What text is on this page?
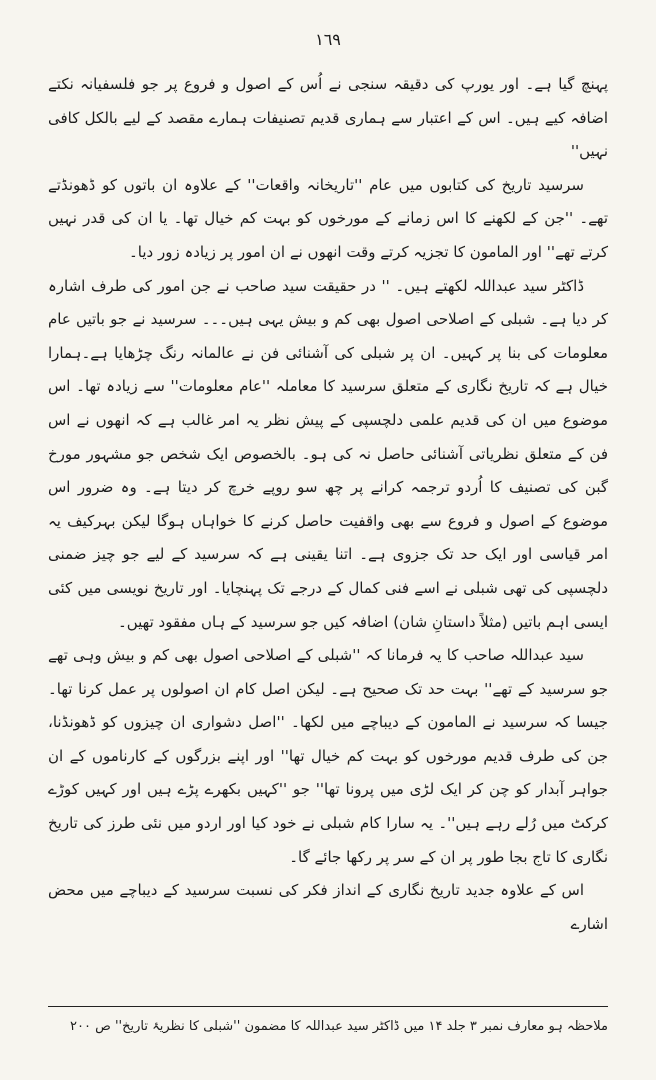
١٦٩

پہنچ گیا ہے۔ اور یورپ کی دقیقہ سنجی نے اُس کے اصول و فروع پر جو فلسفیانہ نکتے اضافہ کیے ہیں۔ اس کے اعتبار سے ہماری قدیم تصنیفات ہمارے مقصد کے لیے بالکل کافی نہیں''

سرسید تاریخ کی کتابوں میں عام ''تاریخانہ واقعات'' کے علاوہ ان باتوں کو ڈھونڈتے تھے۔ ''جن کے لکھنے کا اس زمانے کے مورخوں کو بہت کم خیال تھا۔ یا ان کی قدر نہیں کرتے تھے'' اور المامون کا تجزیہ کرتے وقت انھوں نے ان امور پر زیادہ زور دیا۔

ڈاکٹر سید عبداللہ لکھتے ہیں۔ '' در حقیقت سید صاحب نے جن امور کی طرف اشارہ کر دیا ہے۔ شبلی کے اصلاحی اصول بھی کم و بیش یہی ہیں۔۔۔ سرسید نے جو باتیں عام معلومات کی بنا پر کہیں۔ ان پر شبلی کی آشنائی فن نے عالمانہ رنگ چڑھایا ہے۔ہمارا خیال ہے کہ تاریخ نگاری کے متعلق سرسید کا معاملہ ''عام معلومات'' سے زیادہ تھا۔ اس موضوع میں ان کی قدیم علمی دلچسپی کے پیش نظر یہ امر غالب ہے کہ انھوں نے اس فن کے متعلق نظریاتی آشنائی حاصل نہ کی ہو۔ بالخصوص ایک شخص جو مشہور مورخ گبن کی تصنیف کا اُردو ترجمہ کرانے پر چھ سو روپے خرچ کر دیتا ہے۔ وہ ضرور اس موضوع کے اصول و فروع سے بھی واقفیت حاصل کرنے کا خواہاں ہوگا لیکن بہرکیف یہ امر قیاسی اور ایک حد تک جزوی ہے۔ اتنا یقینی ہے کہ سرسید کے لیے جو چیز ضمنی دلچسپی کی تھی شبلی نے اسے فنی کمال کے درجے تک پہنچایا۔ اور تاریخ نویسی میں کئی ایسی اہم باتیں (مثلاً داستانِ شان) اضافہ کیں جو سرسید کے ہاں مفقود تھیں۔

سید عبداللہ صاحب کا یہ فرمانا کہ ''شبلی کے اصلاحی اصول بھی کم و بیش وہی تھے جو سرسید کے تھے'' بہت حد تک صحیح ہے۔ لیکن اصل کام ان اصولوں پر عمل کرنا تھا۔ جیسا کہ سرسید نے المامون کے دیباچے میں لکھا۔ ''اصل دشواری ان چیزوں کو ڈھونڈنا، جن کی طرف قدیم مورخوں کو بہت کم خیال تھا'' اور اپنے بزرگوں کے کارناموں کے ان جواہر آبدار کو چن کر ایک لڑی میں پرونا تھا'' جو ''کہیں بکھرے پڑے ہیں اور کہیں کوڑے کرکٹ میں رُلے رہے ہیں''۔ یہ سارا کام شبلی نے خود کیا اور اردو میں نئی طرز کی تاریخ نگاری کا تاج بجا طور پر ان کے سر پر رکھا جائے گا۔

اس کے علاوہ جدید تاریخ نگاری کے انداز فکر کی نسبت سرسید کے دیباچے میں محض اشارے

ملاحظہ ہو معارف نمبر ۳ جلد ۱۴ میں ڈاکٹر سید عبداللہ کا مضمون ''شبلی کا نظریۂ تاریخ'' ص ۲۰۰
